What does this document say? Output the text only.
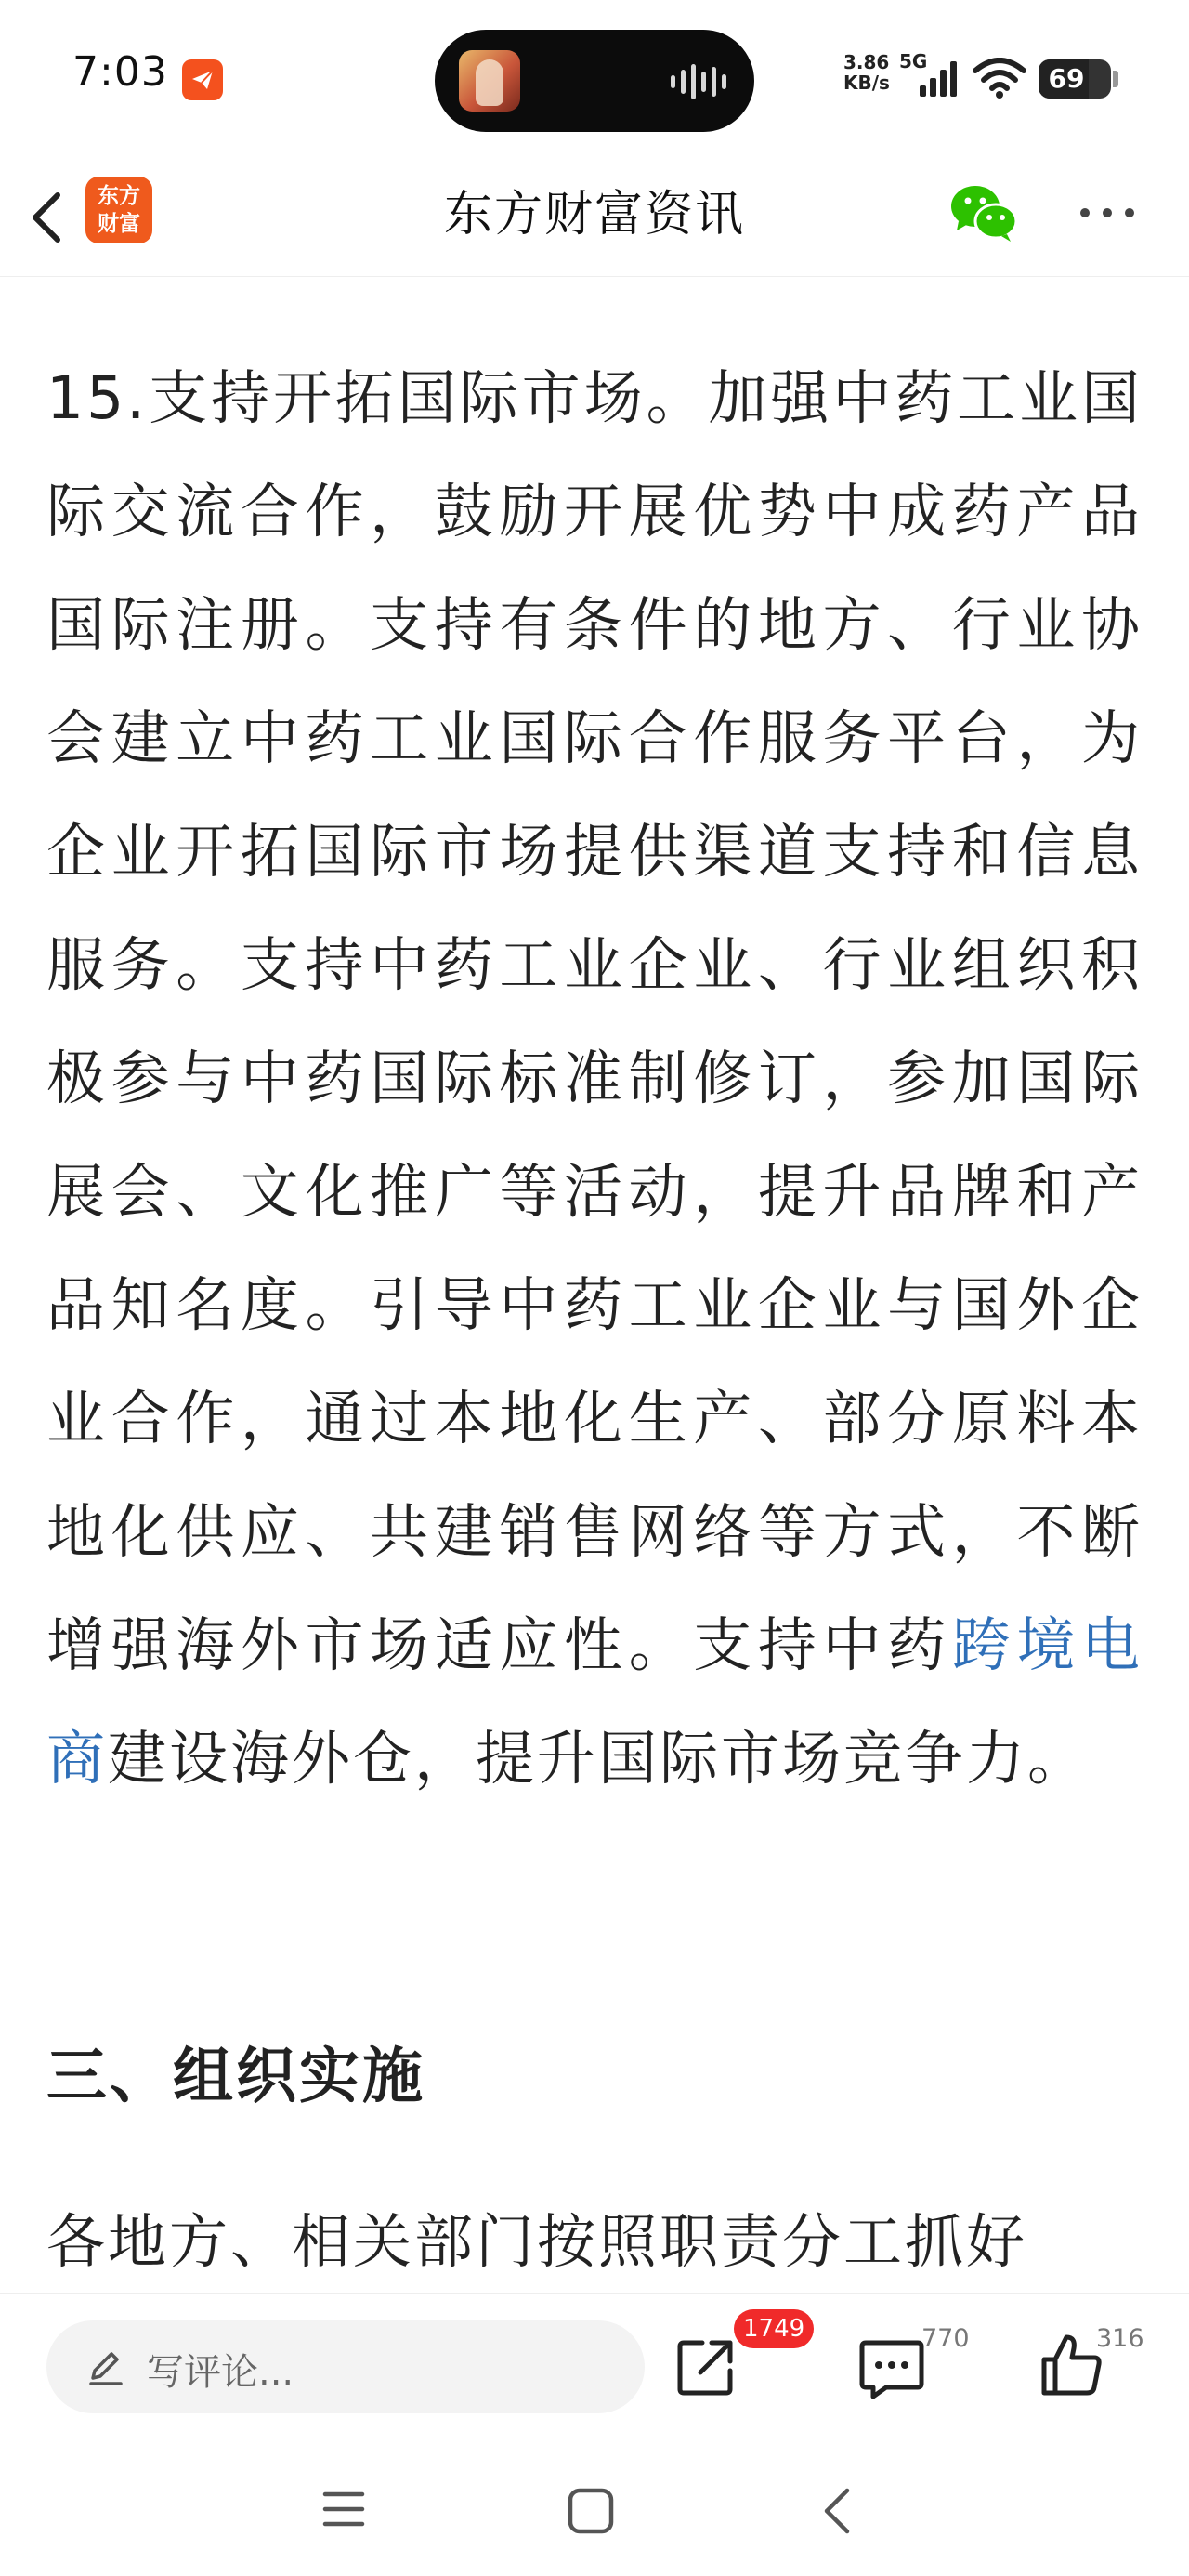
7:03	3.86
KB/s
5G
69
东方
财富	东方财富资讯
15.支持开拓国际市场。加强中药工业国际交流合作，鼓励开展优势中成药产品国际注册。支持有条件的地方、行业协会建立中药工业国际合作服务平台，为企业开拓国际市场提供渠道支持和信息服务。支持中药工业企业、行业组织积极参与中药国际标准制修订，参加国际展会、文化推广等活动，提升品牌和产品知名度。引导中药工业企业与国外企业合作，通过本地化生产、部分原料本地化供应、共建销售网络等方式，不断增强海外市场适应性。支持中药跨境电商建设海外仓，提升国际市场竞争力。
三、组织实施
各地方、相关部门按照职责分工抓好
写评论...
1749	770	316
